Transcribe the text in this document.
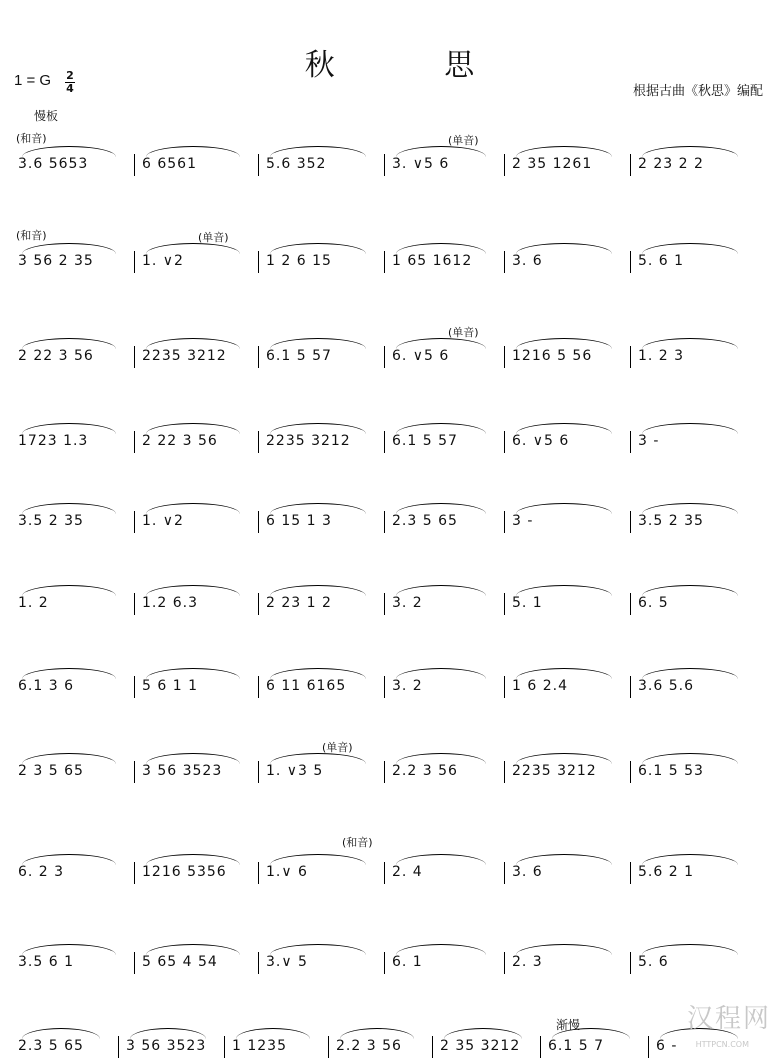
秋 思
1 = G 2
4	根据古曲《秋思》编配
慢板
(和音)	(单音)
3.6 5653	6 6561	5.6 352	3. ∨5 6	2 35 1261	2 23 2 2
(和音)	(单音)
3 56 2 35	1. ∨2	1 2 6 15	1 65 1612	3. 6	5. 6 1
(单音)
2 22 3 56	2235 3212	6.1 5 57	6. ∨5 6	1216 5 56	1. 2 3
1723 1.3	2 22 3 56	2235 3212	6.1 5 57	6. ∨5 6	3 -
3.5 2 35	1. ∨2	6 15 1 3	2.3 5 65	3 -	3.5 2 35
1. 2	1.2 6.3	2 23 1 2	3. 2	5. 1	6. 5
6.1 3 6	5 6 1 1	6 11 6165	3. 2	1 6 2.4	3.6 5.6
(单音)
2 3 5 65	3 56 3523	1. ∨3 5	2.2 3 56	2235 3212	6.1 5 53
(和音)
6. 2 3	1216 5356	1.∨ 6	2. 4	3. 6	5.6 2 1
3.5 6 1	5 65 4 54	3.∨ 5	6. 1	2. 3	5. 6
2.3 5 65	3 56 3523 1 1235	2.2 3 56	2 35 3212 6.1 5 7	6 -
渐慢	汉程网
HTTPCN.COM
